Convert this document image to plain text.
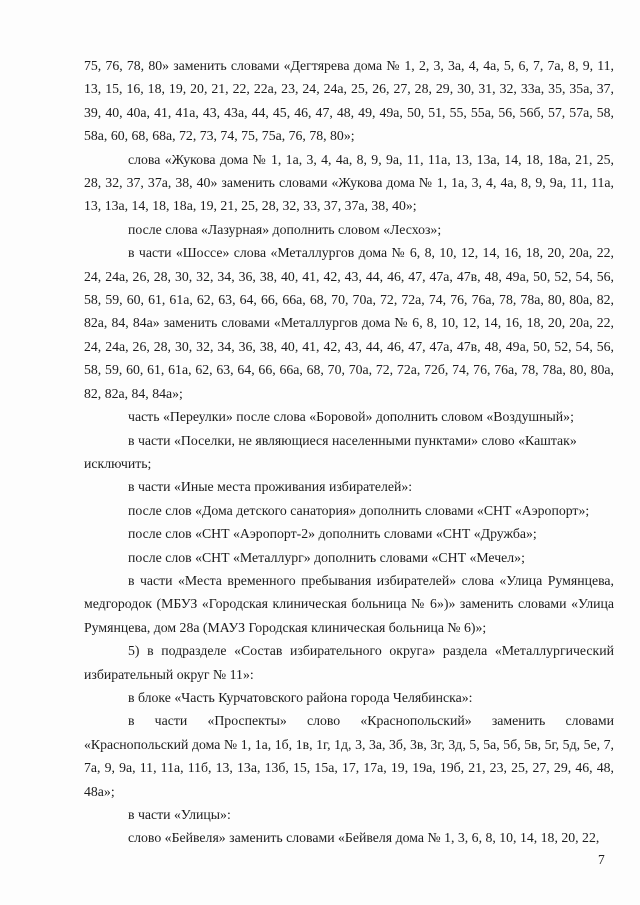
75, 76, 78, 80» заменить словами «Дегтярева дома № 1, 2, 3, 3а, 4, 4а, 5, 6, 7, 7а, 8, 9, 11, 13, 15, 16, 18, 19, 20, 21, 22, 22а, 23, 24, 24а, 25, 26, 27, 28, 29, 30, 31, 32, 33а, 35, 35а, 37, 39, 40, 40а, 41, 41а, 43, 43а, 44, 45, 46, 47, 48, 49, 49а, 50, 51, 55, 55а, 56, 56б, 57, 57а, 58, 58а, 60, 68, 68а, 72, 73, 74, 75, 75а, 76, 78, 80»;

слова «Жукова дома № 1, 1а, 3, 4, 4а, 8, 9, 9а, 11, 11а, 13, 13а, 14, 18, 18а, 21, 25, 28, 32, 37, 37а, 38, 40» заменить словами «Жукова дома № 1, 1а, 3, 4, 4а, 8, 9, 9а, 11, 11а, 13, 13а, 14, 18, 18а, 19, 21, 25, 28, 32, 33, 37, 37а, 38, 40»;

после слова «Лазурная» дополнить словом «Лесхоз»;

в части «Шоссе» слова «Металлургов дома № 6, 8, 10, 12, 14, 16, 18, 20, 20а, 22, 24, 24а, 26, 28, 30, 32, 34, 36, 38, 40, 41, 42, 43, 44, 46, 47, 47а, 47в, 48, 49а, 50, 52, 54, 56, 58, 59, 60, 61, 61а, 62, 63, 64, 66, 66а, 68, 70, 70а, 72, 72а, 74, 76, 76а, 78, 78а, 80, 80а, 82, 82а, 84, 84а» заменить словами «Металлургов дома № 6, 8, 10, 12, 14, 16, 18, 20, 20а, 22, 24, 24а, 26, 28, 30, 32, 34, 36, 38, 40, 41, 42, 43, 44, 46, 47, 47а, 47в, 48, 49а, 50, 52, 54, 56, 58, 59, 60, 61, 61а, 62, 63, 64, 66, 66а, 68, 70, 70а, 72, 72а, 72б, 74, 76, 76а, 78, 78а, 80, 80а, 82, 82а, 84, 84а»;

часть «Переулки» после слова «Боровой» дополнить словом «Воздушный»;

в части «Поселки, не являющиеся населенными пунктами» слово «Каштак»

исключить;

в части «Иные места проживания избирателей»:

после слов «Дома детского санатория» дополнить словами «СНТ «Аэропорт»;

после слов «СНТ «Аэропорт-2» дополнить словами «СНТ «Дружба»;

после слов «СНТ «Металлург» дополнить словами «СНТ «Мечел»;

в части «Места временного пребывания избирателей» слова «Улица Румянцева, медгородок (МБУЗ «Городская клиническая больница № 6»)» заменить словами «Улица Румянцева, дом 28а (МАУЗ Городская клиническая больница № 6)»;

5) в подразделе «Состав избирательного округа» раздела «Металлургический избирательный округ № 11»:

в блоке «Часть Курчатовского района города Челябинска»:

в части «Проспекты» слово «Краснопольский» заменить словами «Краснопольский дома № 1, 1а, 1б, 1в, 1г, 1д, 3, 3а, 3б, 3в, 3г, 3д, 5, 5а, 5б, 5в, 5г, 5д, 5е, 7, 7а, 9, 9а, 11, 11а, 11б, 13, 13а, 13б, 15, 15а, 17, 17а, 19, 19а, 19б, 21, 23, 25, 27, 29, 46, 48, 48а»;

в части «Улицы»:

слово «Бейвеля» заменить словами «Бейвеля дома № 1, 3, 6, 8, 10, 14, 18, 20, 22,

7
